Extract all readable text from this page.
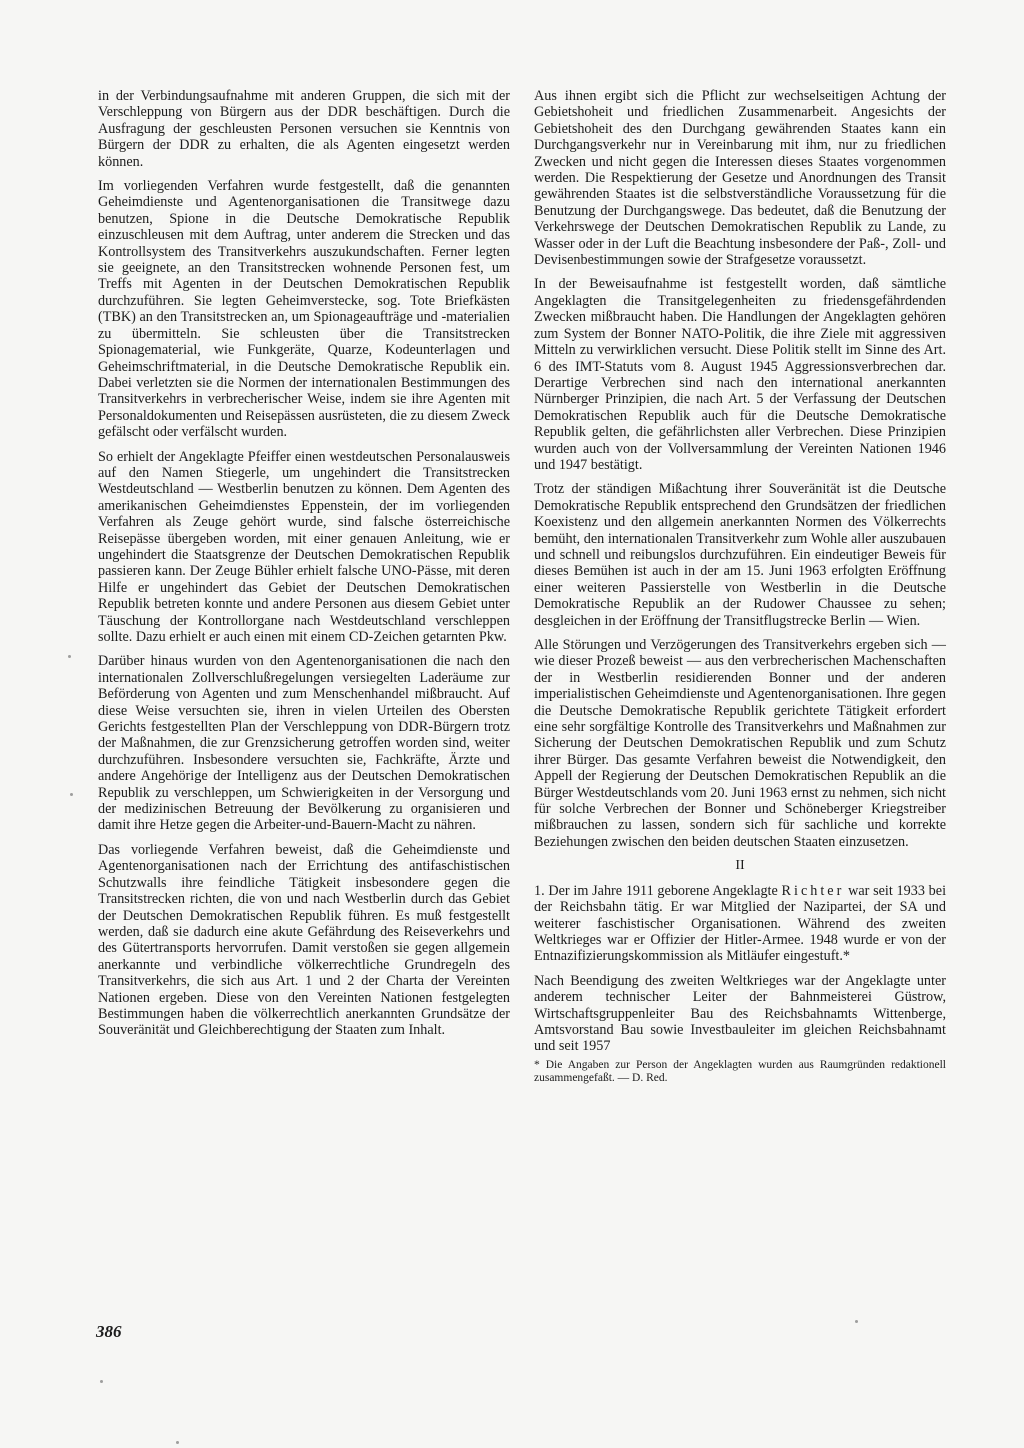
in der Verbindungsaufnahme mit anderen Gruppen, die sich mit der Verschleppung von Bürgern aus der DDR beschäftigen. Durch die Ausfragung der geschleusten Personen versuchen sie Kenntnis von Bürgern der DDR zu erhalten, die als Agenten eingesetzt werden können.

Im vorliegenden Verfahren wurde festgestellt, daß die genannten Geheimdienste und Agentenorganisationen die Transitwege dazu benutzen, Spione in die Deutsche Demokratische Republik einzuschleusen mit dem Auftrag, unter anderem die Strecken und das Kontrollsystem des Transitverkehrs auszukundschaften. Ferner legten sie geeignete, an den Transitstrecken wohnende Personen fest, um Treffs mit Agenten in der Deutschen Demokratischen Republik durchzuführen. Sie legten Geheimverstecke, sog. Tote Briefkästen (TBK) an den Transitstrecken an, um Spionageaufträge und -materialien zu übermitteln. Sie schleusten über die Transitstrecken Spionagematerial, wie Funkgeräte, Quarze, Kodeunterlagen und Geheimschriftmaterial, in die Deutsche Demokratische Republik ein. Dabei verletzten sie die Normen der internationalen Bestimmungen des Transitverkehrs in verbrecherischer Weise, indem sie ihre Agenten mit Personaldokumenten und Reisepässen ausrüsteten, die zu diesem Zweck gefälscht oder verfälscht wurden.

So erhielt der Angeklagte Pfeiffer einen westdeutschen Personalausweis auf den Namen Stiegerle, um ungehindert die Transitstrecken Westdeutschland — Westberlin benutzen zu können. Dem Agenten des amerikanischen Geheimdienstes Eppenstein, der im vorliegenden Verfahren als Zeuge gehört wurde, sind falsche österreichische Reisepässe übergeben worden, mit einer genauen Anleitung, wie er ungehindert die Staatsgrenze der Deutschen Demokratischen Republik passieren kann. Der Zeuge Bühler erhielt falsche UNO-Pässe, mit deren Hilfe er ungehindert das Gebiet der Deutschen Demokratischen Republik betreten konnte und andere Personen aus diesem Gebiet unter Täuschung der Kontrollorgane nach Westdeutschland verschleppen sollte. Dazu erhielt er auch einen mit einem CD-Zeichen getarnten Pkw.

Darüber hinaus wurden von den Agentenorganisationen die nach den internationalen Zollverschlußregelungen versiegelten Laderäume zur Beförderung von Agenten und zum Menschenhandel mißbraucht. Auf diese Weise versuchten sie, ihren in vielen Urteilen des Obersten Gerichts festgestellten Plan der Verschleppung von DDR-Bürgern trotz der Maßnahmen, die zur Grenzsicherung getroffen worden sind, weiter durchzuführen. Insbesondere versuchten sie, Fachkräfte, Ärzte und andere Angehörige der Intelligenz aus der Deutschen Demokratischen Republik zu verschleppen, um Schwierigkeiten in der Versorgung und der medizinischen Betreuung der Bevölkerung zu organisieren und damit ihre Hetze gegen die Arbeiter-und-Bauern-Macht zu nähren.

Das vorliegende Verfahren beweist, daß die Geheimdienste und Agentenorganisationen nach der Errichtung des antifaschistischen Schutzwalls ihre feindliche Tätigkeit insbesondere gegen die Transitstrecken richten, die von und nach Westberlin durch das Gebiet der Deutschen Demokratischen Republik führen. Es muß festgestellt werden, daß sie dadurch eine akute Gefährdung des Reiseverkehrs und des Gütertransports hervorrufen. Damit verstoßen sie gegen allgemein anerkannte und verbindliche völkerrechtliche Grundregeln des Transitverkehrs, die sich aus Art. 1 und 2 der Charta der Vereinten Nationen ergeben. Diese von den Vereinten Nationen festgelegten Bestimmungen haben die völkerrechtlich anerkannten Grundsätze der Souveränität und Gleichberechtigung der Staaten zum Inhalt.

Aus ihnen ergibt sich die Pflicht zur wechselseitigen Achtung der Gebietshoheit und friedlichen Zusammenarbeit. Angesichts der Gebietshoheit des den Durchgang gewährenden Staates kann ein Durchgangsverkehr nur in Vereinbarung mit ihm, nur zu friedlichen Zwecken und nicht gegen die Interessen dieses Staates vorgenommen werden. Die Respektierung der Gesetze und Anordnungen des Transit gewährenden Staates ist die selbstverständliche Voraussetzung für die Benutzung der Durchgangswege. Das bedeutet, daß die Benutzung der Verkehrswege der Deutschen Demokratischen Republik zu Lande, zu Wasser oder in der Luft die Beachtung insbesondere der Paß-, Zoll- und Devisenbestimmungen sowie der Strafgesetze voraussetzt.

In der Beweisaufnahme ist festgestellt worden, daß sämtliche Angeklagten die Transitgelegenheiten zu friedensgefährdenden Zwecken mißbraucht haben. Die Handlungen der Angeklagten gehören zum System der Bonner NATO-Politik, die ihre Ziele mit aggressiven Mitteln zu verwirklichen versucht. Diese Politik stellt im Sinne des Art. 6 des IMT-Statuts vom 8. August 1945 Aggressionsverbrechen dar. Derartige Verbrechen sind nach den international anerkannten Nürnberger Prinzipien, die nach Art. 5 der Verfassung der Deutschen Demokratischen Republik auch für die Deutsche Demokratische Republik gelten, die gefährlichsten aller Verbrechen. Diese Prinzipien wurden auch von der Vollversammlung der Vereinten Nationen 1946 und 1947 bestätigt.

Trotz der ständigen Mißachtung ihrer Souveränität ist die Deutsche Demokratische Republik entsprechend den Grundsätzen der friedlichen Koexistenz und den allgemein anerkannten Normen des Völkerrechts bemüht, den internationalen Transitverkehr zum Wohle aller auszubauen und schnell und reibungslos durchzuführen. Ein eindeutiger Beweis für dieses Bemühen ist auch in der am 15. Juni 1963 erfolgten Eröffnung einer weiteren Passierstelle von Westberlin in die Deutsche Demokratische Republik an der Rudower Chaussee zu sehen; desgleichen in der Eröffnung der Transitflugstrecke Berlin — Wien.

Alle Störungen und Verzögerungen des Transitverkehrs ergeben sich — wie dieser Prozeß beweist — aus den verbrecherischen Machenschaften der in Westberlin residierenden Bonner und der anderen imperialistischen Geheimdienste und Agentenorganisationen. Ihre gegen die Deutsche Demokratische Republik gerichtete Tätigkeit erfordert eine sehr sorgfältige Kontrolle des Transitverkehrs und Maßnahmen zur Sicherung der Deutschen Demokratischen Republik und zum Schutz ihrer Bürger. Das gesamte Verfahren beweist die Notwendigkeit, den Appell der Regierung der Deutschen Demokratischen Republik an die Bürger Westdeutschlands vom 20. Juni 1963 ernst zu nehmen, sich nicht für solche Verbrechen der Bonner und Schöneberger Kriegstreiber mißbrauchen zu lassen, sondern sich für sachliche und korrekte Beziehungen zwischen den beiden deutschen Staaten einzusetzen.

II

1. Der im Jahre 1911 geborene Angeklagte Richter war seit 1933 bei der Reichsbahn tätig. Er war Mitglied der Nazipartei, der SA und weiterer faschistischer Organisationen. Während des zweiten Weltkrieges war er Offizier der Hitler-Armee. 1948 wurde er von der Entnazifizierungskommission als Mitläufer eingestuft.*

Nach Beendigung des zweiten Weltkrieges war der Angeklagte unter anderem technischer Leiter der Bahnmeisterei Güstrow, Wirtschaftsgruppenleiter Bau des Reichsbahnamts Wittenberge, Amtsvorstand Bau sowie Investbauleiter im gleichen Reichsbahnamt und seit 1957

* Die Angaben zur Person der Angeklagten wurden aus Raumgründen redaktionell zusammengefaßt. — D. Red.
386
